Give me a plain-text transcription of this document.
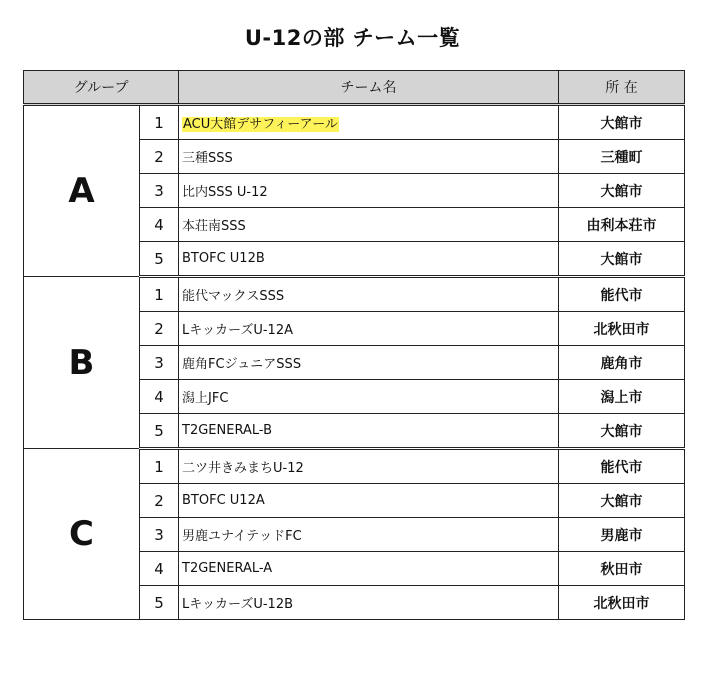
U-12の部 チーム一覧
グループ		チーム名	所 在
A	1	ACU大館デサフィーアール	大館市
	2	三種SSS	三種町
	3	比内SSS U-12	大館市
	4	本荘南SSS	由利本荘市
	5	BTOFC U12B	大館市
B	1	能代マックスSSS	能代市
	2	LキッカーズU-12A	北秋田市
	3	鹿角FCジュニアSSS	鹿角市
	4	潟上JFC	潟上市
	5	T2GENERAL-B	大館市
C	1	二ツ井きみまちU-12	能代市
	2	BTOFC U12A	大館市
	3	男鹿ユナイテッドFC	男鹿市
	4	T2GENERAL-A	秋田市
	5	LキッカーズU-12B	北秋田市
